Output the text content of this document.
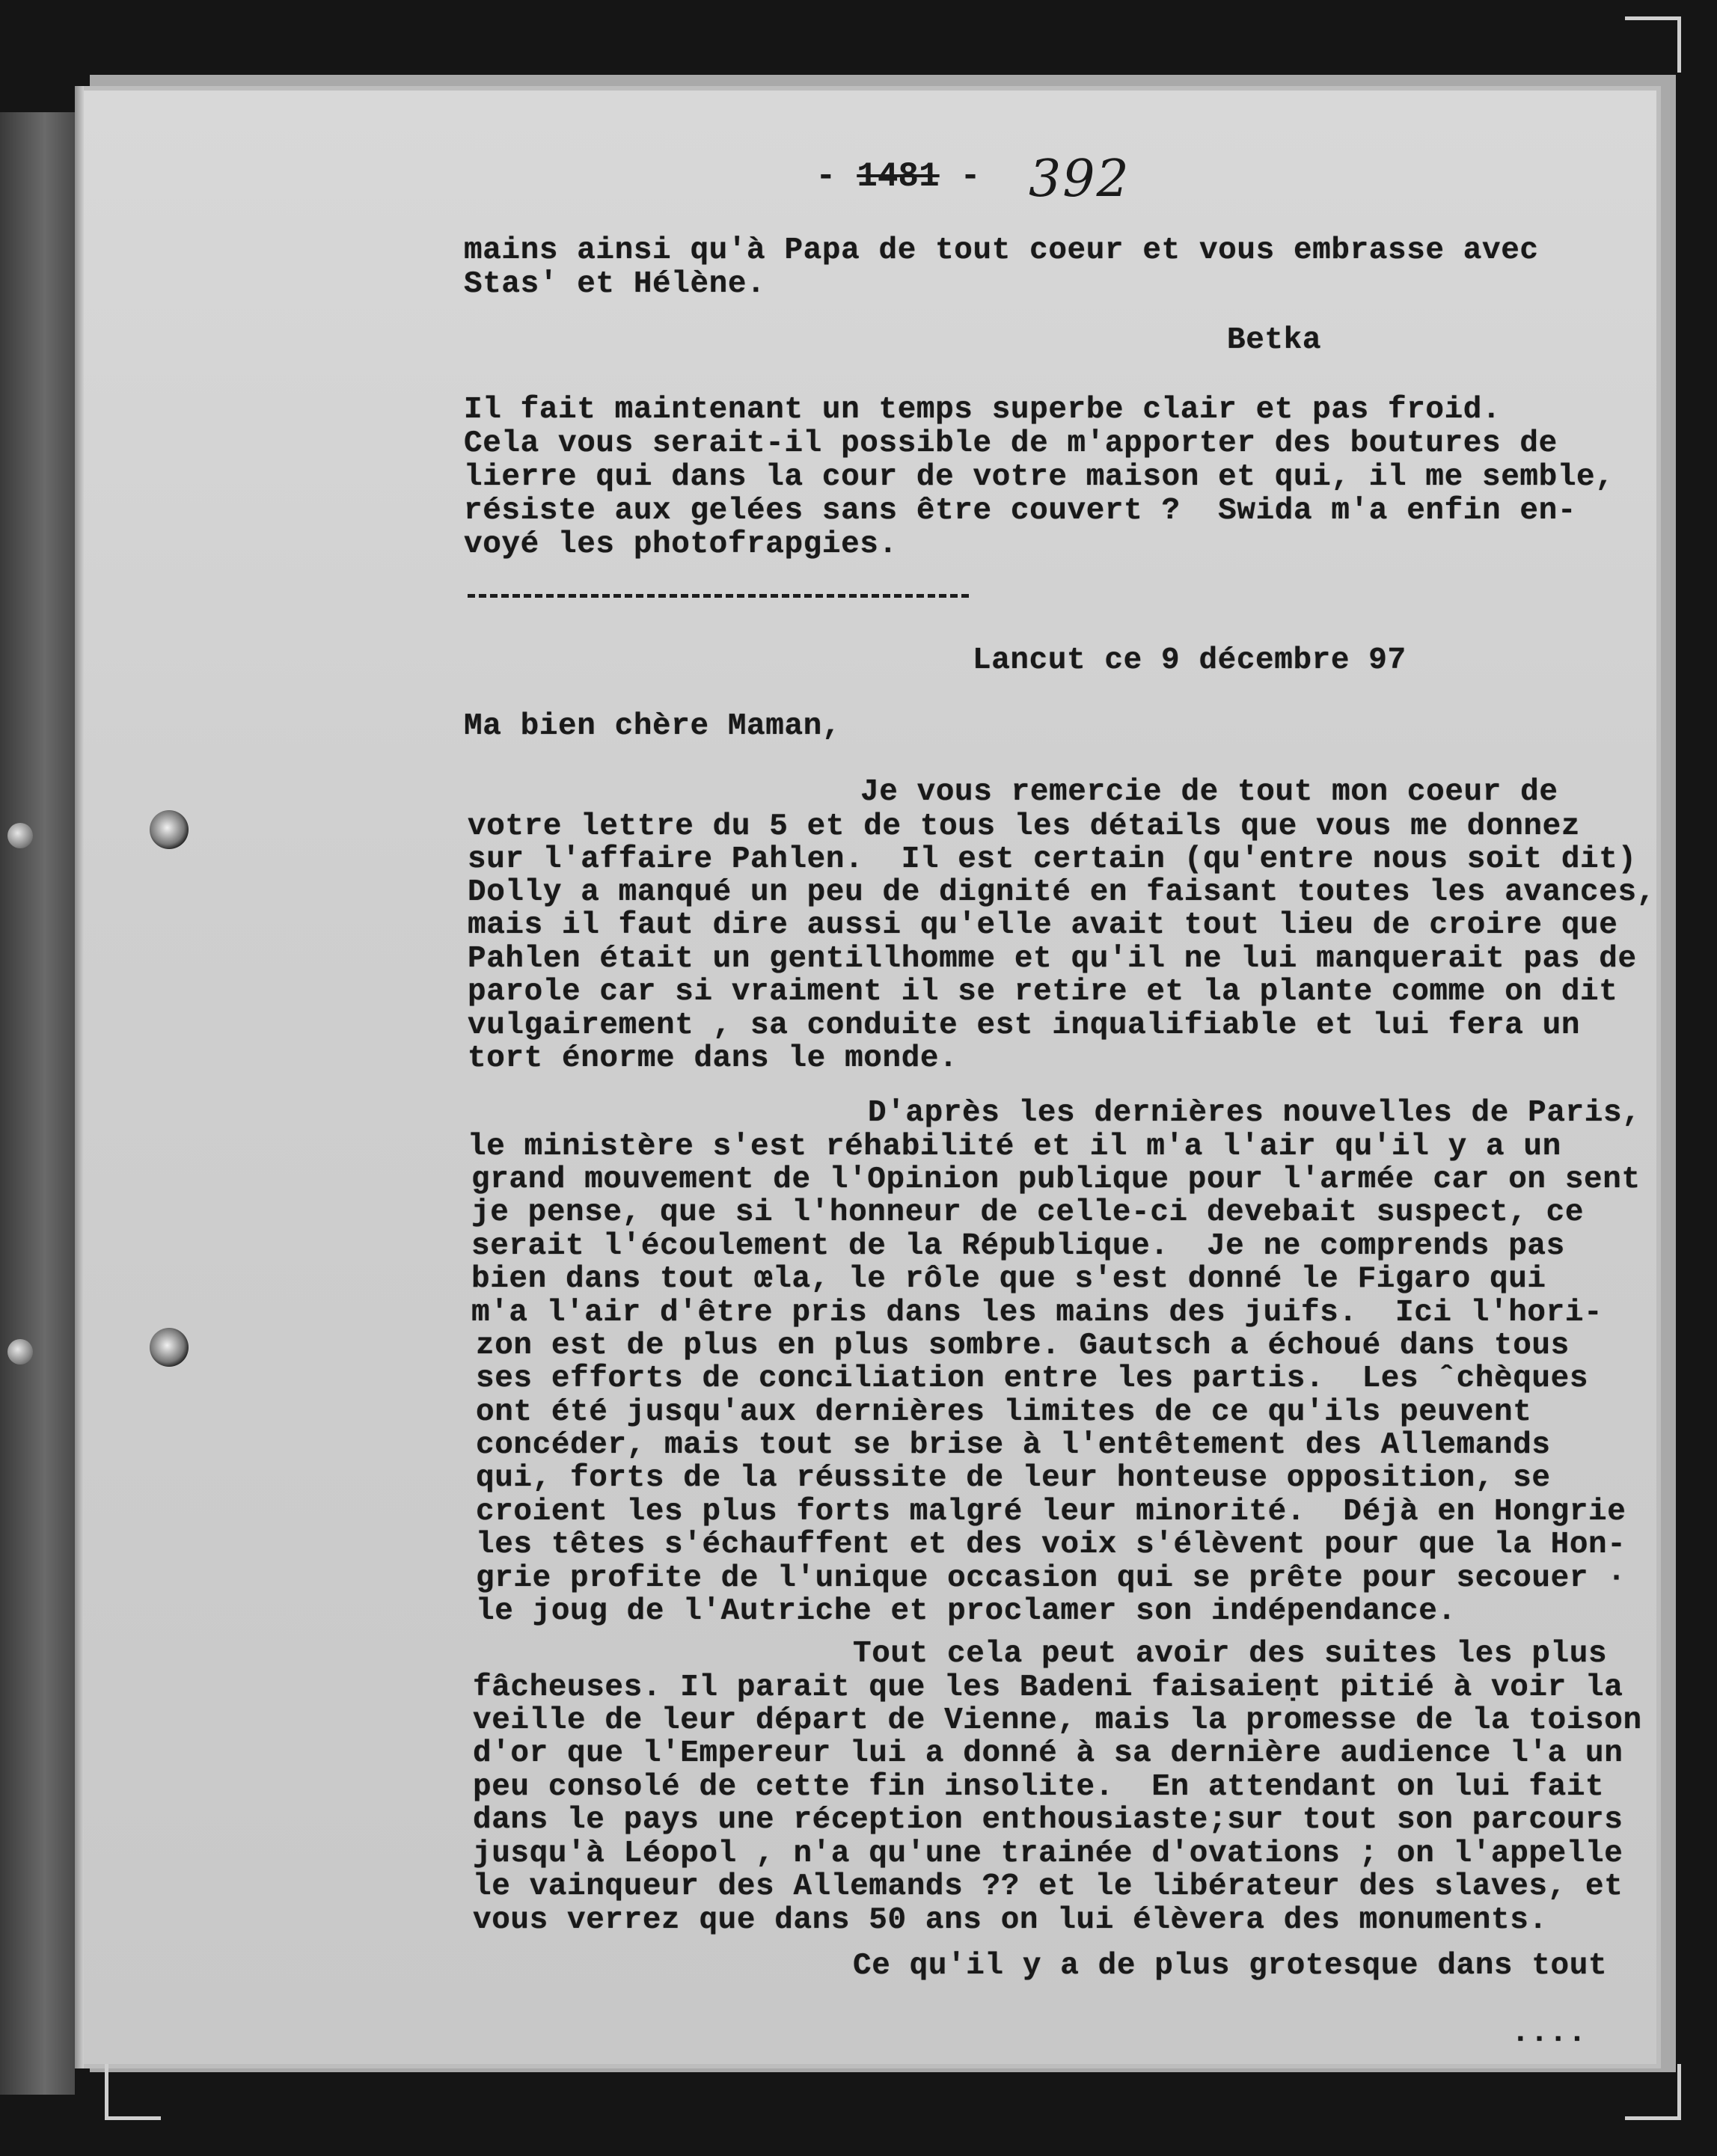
- 1481 - 392
mains ainsi qu'à Papa de tout coeur et vous embrasse avec
Stas' et Hélène.
Betka
Il fait maintenant un temps superbe clair et pas froid.
Cela vous serait-il possible de m'apporter des boutures de
lierre qui dans la cour de votre maison et qui, il me semble,
résiste aux gelées sans être couvert ?  Swida m'a enfin en-
voyé les photofrapgies.
Lancut ce 9 décembre 97
Ma bien chère Maman,
Je vous remercie de tout mon coeur de
votre lettre du 5 et de tous les détails que vous me donnez
sur l'affaire Pahlen.  Il est certain (qu'entre nous soit dit)
Dolly a manqué un peu de dignité en faisant toutes les avances,
mais il faut dire aussi qu'elle avait tout lieu de croire que
Pahlen était un gentillhomme et qu'il ne lui manquerait pas de
parole car si vraiment il se retire et la plante comme on dit
vulgairement , sa conduite est inqualifiable et lui fera un
tort énorme dans le monde.
D'après les dernières nouvelles de Paris,
le ministère s'est réhabilité et il m'a l'air qu'il y a un
grand mouvement de l'Opinion publique pour l'armée car on sent
je pense, que si l'honneur de celle-ci devebait suspect, ce
serait l'écoulement de la République.  Je ne comprends pas
bien dans tout œla, le rôle que s'est donné le Figaro qui
m'a l'air d'être pris dans les mains des juifs.  Ici l'hori-
zon est de plus en plus sombre. Gautsch a échoué dans tous
ses efforts de conciliation entre les partis.  Les ˆchèques
ont été jusqu'aux dernières limites de ce qu'ils peuvent
concéder, mais tout se brise à l'entêtement des Allemands
qui, forts de la réussite de leur honteuse opposition, se
croient les plus forts malgré leur minorité.  Déjà en Hongrie
les têtes s'échauffent et des voix s'élèvent pour que la Hon-
grie profite de l'unique occasion qui se prête pour secouer ·
le joug de l'Autriche et proclamer son indépendance.
Tout cela peut avoir des suites les plus
fâcheuses. Il parait que les Badeni faisaieṇt pitié à voir la
veille de leur départ de Vienne, mais la promesse de la toison
d'or que l'Empereur lui a donné à sa dernière audience l'a un
peu consolé de cette fin insolite.  En attendant on lui fait
dans le pays une réception enthousiaste;sur tout son parcours
jusqu'à Léopol , n'a qu'une trainée d'ovations ; on l'appelle
le vainqueur des Allemands ?? et le libérateur des slaves, et
vous verrez que dans 50 ans on lui élèvera des monuments.
Ce qu'il y a de plus grotesque dans tout
....
